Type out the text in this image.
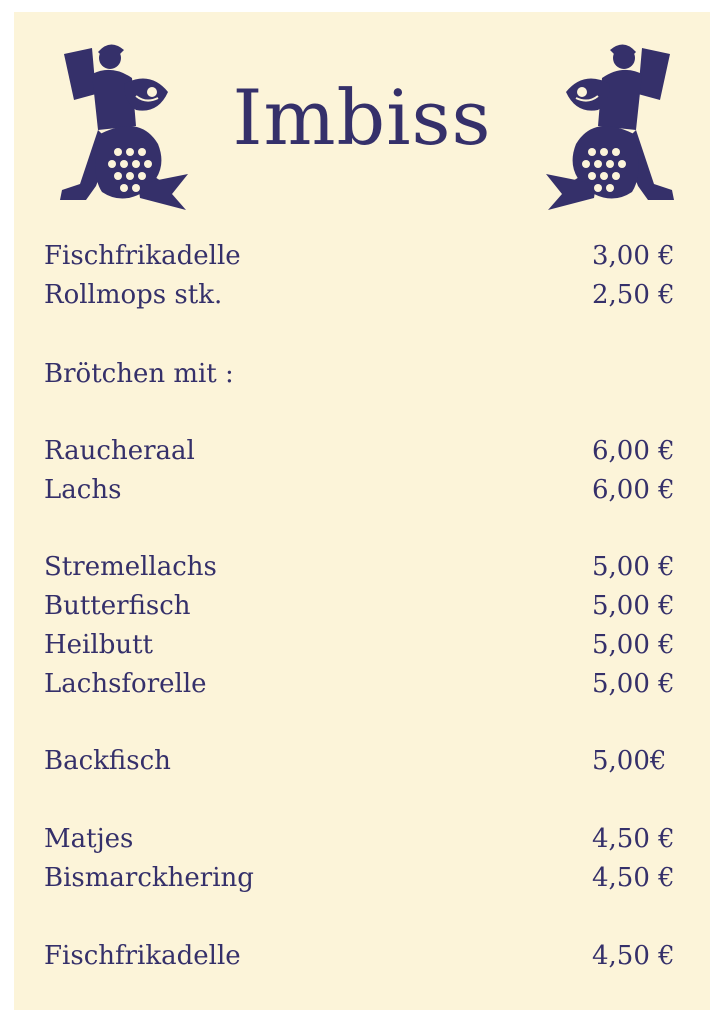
Imbiss
Fischfrikadelle	3,00 €
Rollmops stk.	2,50 €
Brötchen mit :
Raucheraal	6,00 €
Lachs	6,00 €
Stremellachs	5,00 €
Butterfisch	5,00 €
Heilbutt	5,00 €
Lachsforelle	5,00 €
Backfisch	5,00€
Matjes	4,50 €
Bismarckhering	4,50 €
Fischfrikadelle	4,50 €
